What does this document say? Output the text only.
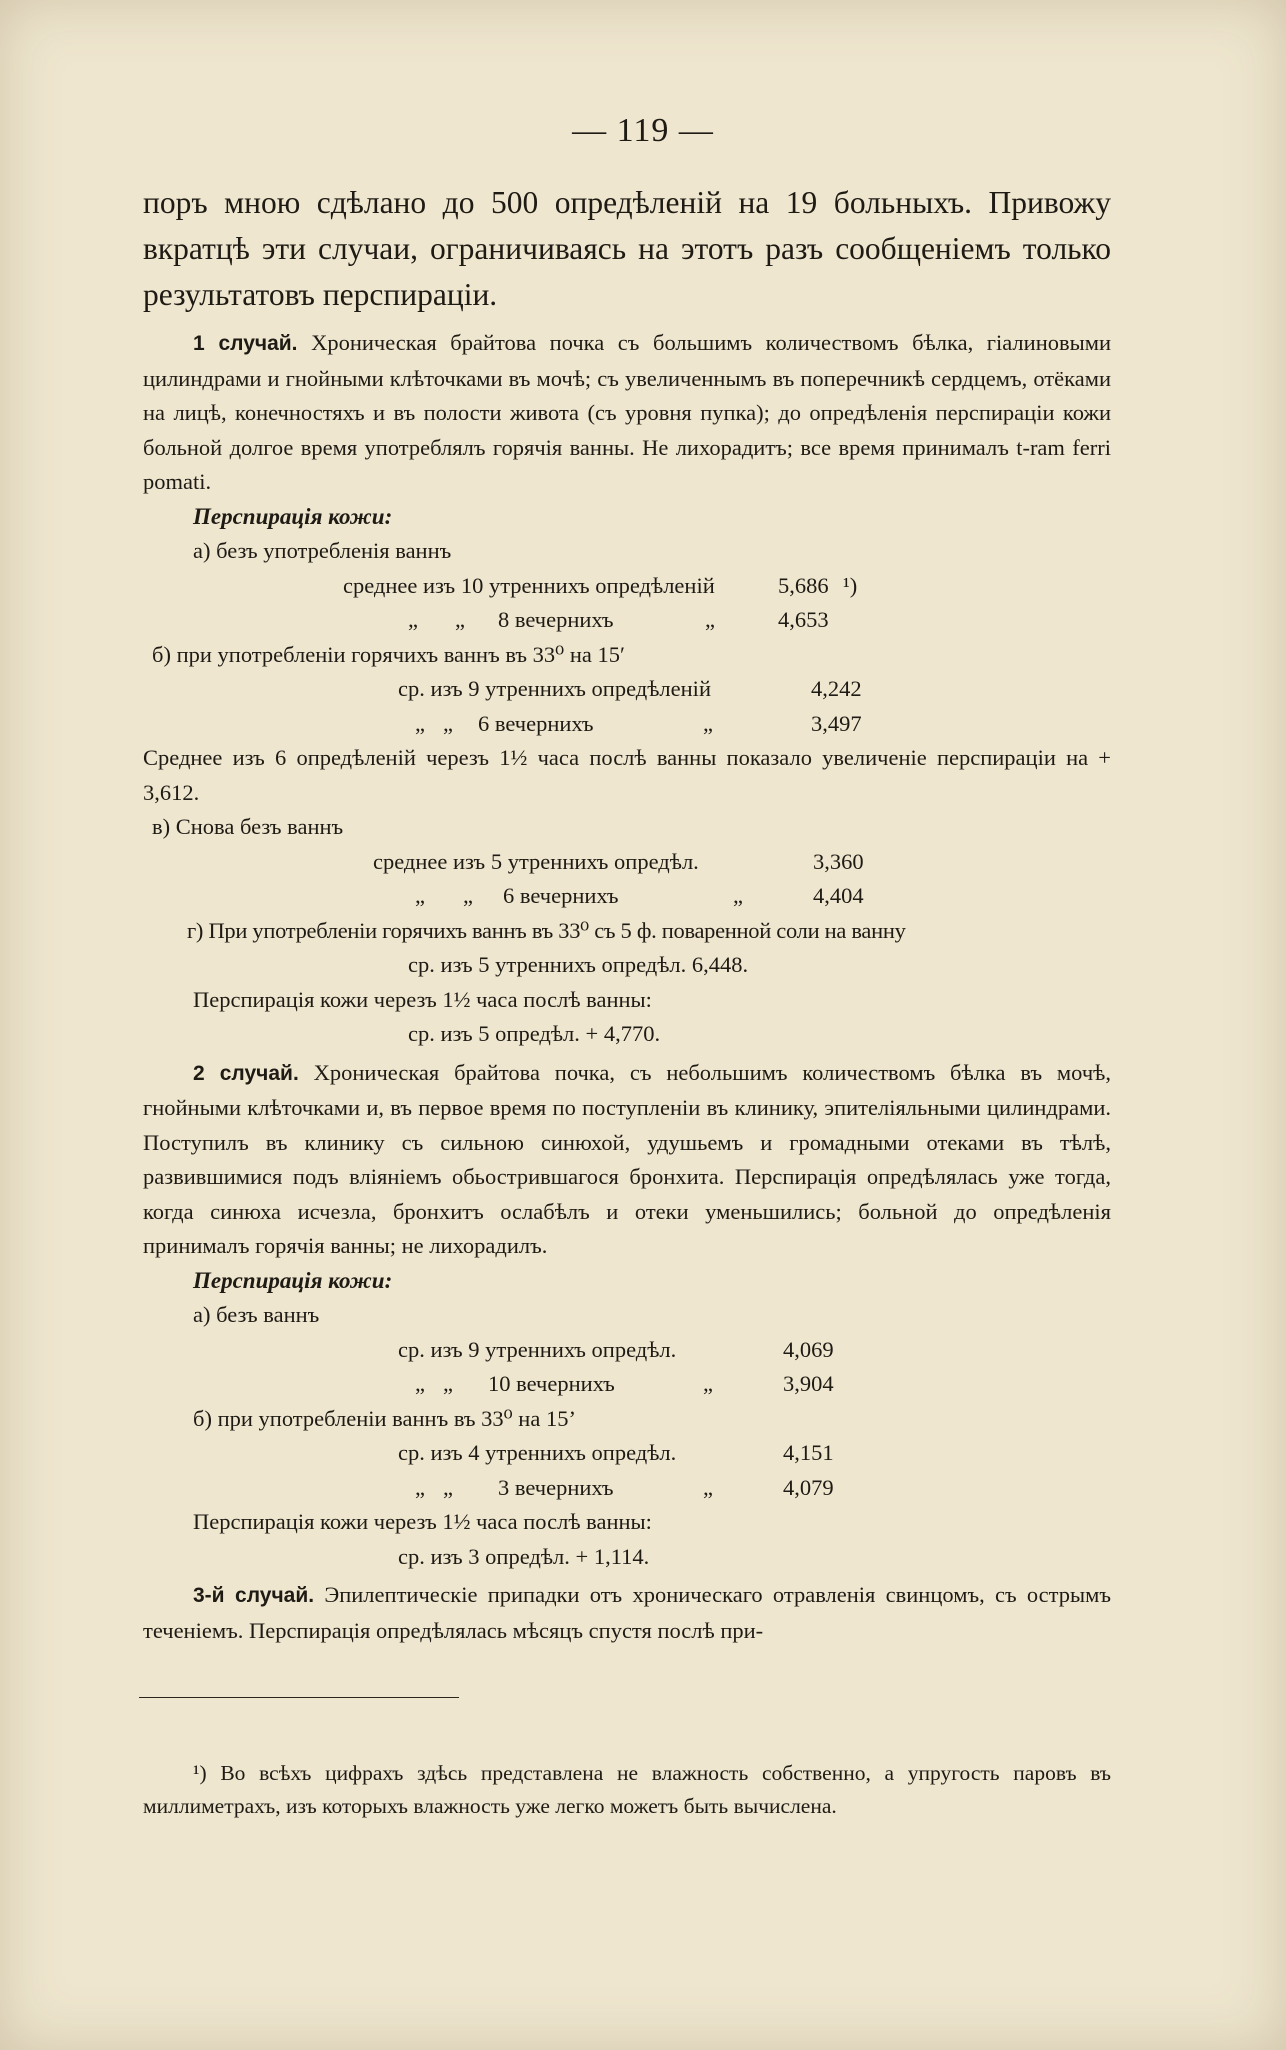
— 119 —

поръ мною сдѣлано до 500 опредѣленій на 19 больныхъ. Привожу вкратцѣ эти случаи, ограничиваясь на этотъ разъ сообщеніемъ только результатовъ перспираціи.

1 случай. Хроническая брайтова почка съ большимъ количествомъ бѣлка, гіалиновыми цилиндрами и гнойными клѣточками въ мочѣ; съ увеличеннымъ въ поперечникѣ сердцемъ, отёками на лицѣ, конечностяхъ и въ полости живота (съ уровня пупка); до опредѣленія перспираціи кожи больной долгое время употреблялъ горячія ванны. Не лихорадитъ; все время принималъ t-ram ferri pomati.

Перспирація кожи:

а) безъ употребленія ваннъ

среднее изъ 10 утреннихъ опредѣленій	5,686 ¹)
„ „ 8 вечернихъ	„	4,653

б) при употребленіи горячихъ ваннъ въ 33⁰ на 15′

ср. изъ 9 утреннихъ опредѣленій	4,242
„ „ 6 вечернихъ	„	3,497

Среднее изъ 6 опредѣленій черезъ 1½ часа послѣ ванны показало увеличеніе перспираціи на + 3,612.

в) Снова безъ ваннъ

среднее изъ 5 утреннихъ опредѣл.	3,360
„ „ 6 вечернихъ	„	4,404

г) При употребленіи горячихъ ваннъ въ 33⁰ съ 5 ф. поваренной соли на ванну

ср. изъ 5 утреннихъ опредѣл. 6,448.

Перспирація кожи черезъ 1½ часа послѣ ванны:

ср. изъ 5 опредѣл. + 4,770.

2 случай. Хроническая брайтова почка, съ небольшимъ количествомъ бѣлка въ мочѣ, гнойными клѣточками и, въ первое время по поступленіи въ клинику, эпителіяльными цилиндрами. Поступилъ въ клинику съ сильною синюхой, удушьемъ и громадными отеками въ тѣлѣ, развившимися подъ вліяніемъ обьострившагося бронхита. Перспирація опредѣлялась уже тогда, когда синюха исчезла, бронхитъ ослабѣлъ и отеки уменьшились; больной до опредѣленія принималъ горячія ванны; не лихорадилъ.

Перспирація кожи:

а) безъ ваннъ

ср. изъ 9 утреннихъ опредѣл.	4,069
„ „ 10 вечернихъ	„	3,904

б) при употребленіи ваннъ въ 33⁰ на 15’

ср. изъ 4 утреннихъ опредѣл.	4,151
„ „ 3 вечернихъ	„	4,079

Перспирація кожи черезъ 1½ часа послѣ ванны:

ср. изъ 3 опредѣл. + 1,114.

3-й случай. Эпилептическіе припадки отъ хроническаго отравленія свинцомъ, съ острымъ теченіемъ. Перспирація опредѣлялась мѣсяцъ спустя послѣ при-

¹) Во всѣхъ цифрахъ здѣсь представлена не влажность собственно, а упругость паровъ въ миллиметрахъ, изъ которыхъ влажность уже легко можетъ быть вычислена.
